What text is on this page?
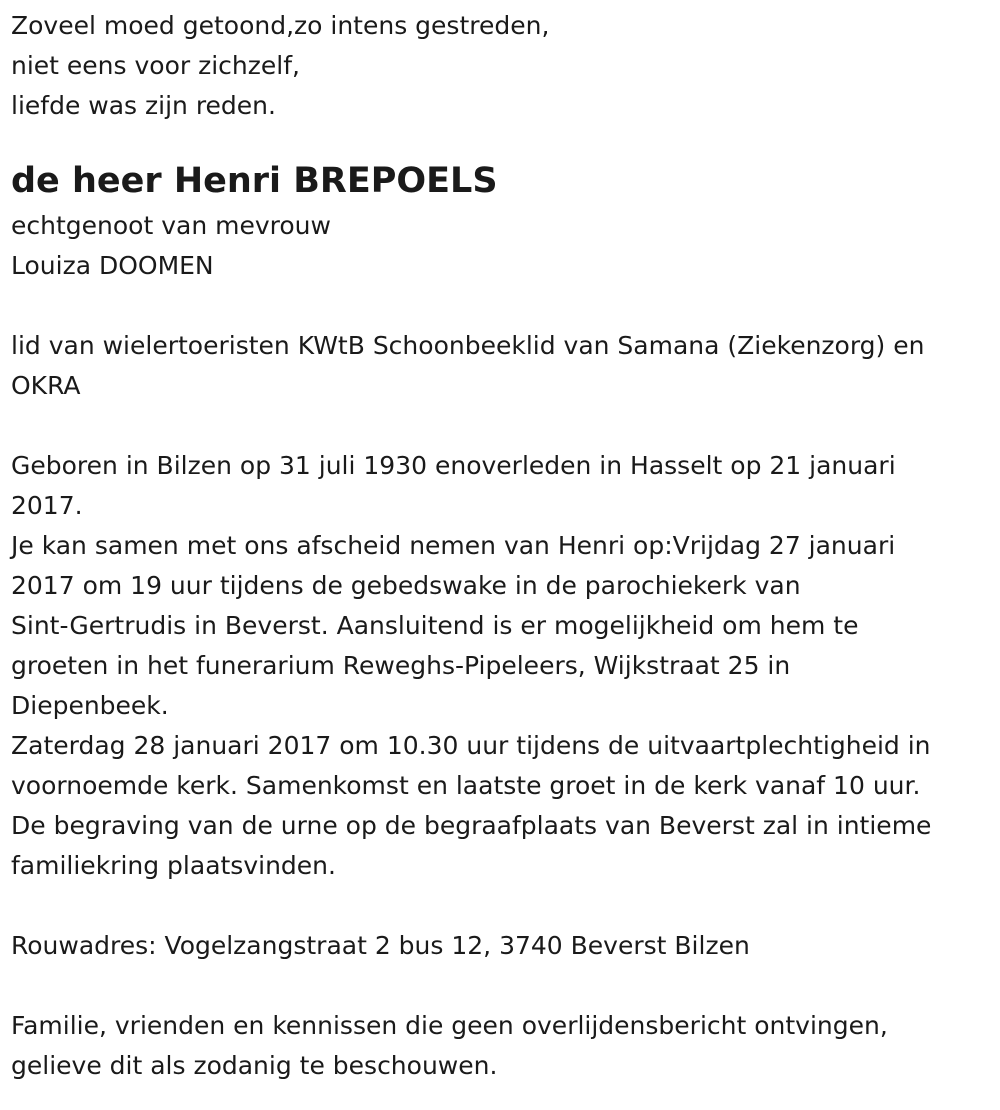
Zoveel moed getoond,zo intens gestreden,

niet eens voor zichzelf,

liefde was zijn reden.

de heer Henri BREPOELS

echtgenoot van mevrouw

Louiza DOOMEN

lid van wielertoeristen KWtB Schoonbeeklid van Samana (Ziekenzorg) en

OKRA

Geboren in Bilzen op 31 juli 1930 enoverleden in Hasselt op 21 januari

2017.

Je kan samen met ons afscheid nemen van Henri op:Vrijdag 27 januari

2017 om 19 uur tijdens de gebedswake in de parochiekerk van

Sint-Gertrudis in Beverst. Aansluitend is er mogelijkheid om hem te

groeten in het funerarium Reweghs-Pipeleers, Wijkstraat 25 in

Diepenbeek.

Zaterdag 28 januari 2017 om 10.30 uur tijdens de uitvaartplechtigheid in

voornoemde kerk. Samenkomst en laatste groet in de kerk vanaf 10 uur.

De begraving van de urne op de begraafplaats van Beverst zal in intieme

familiekring plaatsvinden.

Rouwadres: Vogelzangstraat 2 bus 12, 3740 Beverst Bilzen

Familie, vrienden en kennissen die geen overlijdensbericht ontvingen,

gelieve dit als zodanig te beschouwen.
